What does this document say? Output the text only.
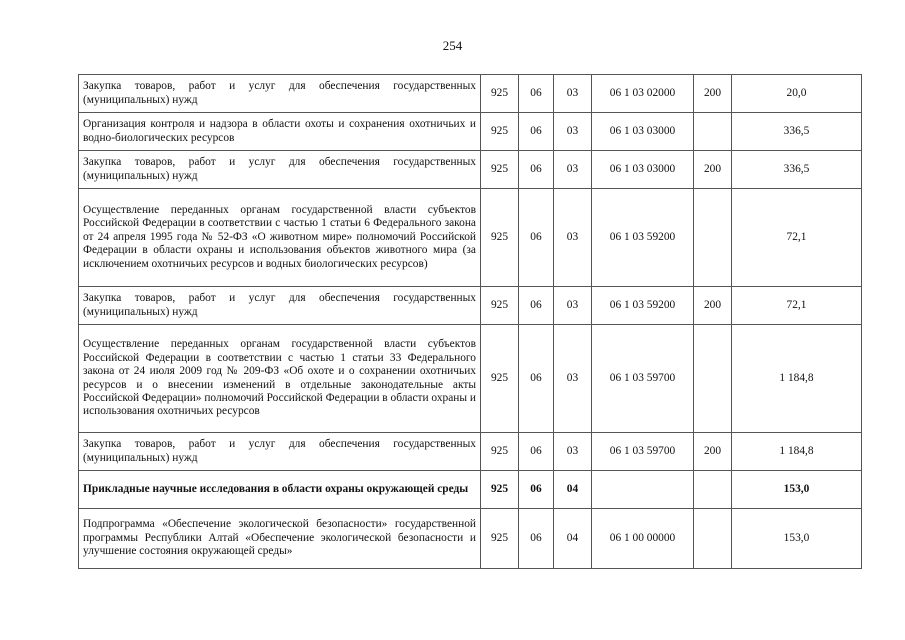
254
Закупка товаров, работ и услуг для обеспечения государственных (муниципальных) нужд	925	06	03	06 1 03 02000	200	20,0
Организация контроля и надзора в области охоты и сохранения охотничьих и водно-биологических ресурсов	925	06	03	06 1 03 03000		336,5
Закупка товаров, работ и услуг для обеспечения государственных (муниципальных) нужд	925	06	03	06 1 03 03000	200	336,5
Осуществление переданных органам государственной власти субъектов Российской Федерации в соответствии с частью 1 статьи 6 Федерального закона от 24 апреля 1995 года № 52-ФЗ «О животном мире» полномочий Российской Федерации в области охраны и использования объектов животного мира (за исключением охотничьих ресурсов и водных биологических ресурсов)	925	06	03	06 1 03 59200		72,1
Закупка товаров, работ и услуг для обеспечения государственных (муниципальных) нужд	925	06	03	06 1 03 59200	200	72,1
Осуществление переданных органам государственной власти субъектов Российской Федерации в соответствии с частью 1 статьи 33 Федерального закона от 24 июля 2009 год № 209-ФЗ «Об охоте и о сохранении охотничьих ресурсов и о внесении изменений в отдельные законодательные акты Российской Федерации» полномочий Российской Федерации в области охраны и использования охотничьих ресурсов	925	06	03	06 1 03 59700		1 184,8
Закупка товаров, работ и услуг для обеспечения государственных (муниципальных) нужд	925	06	03	06 1 03 59700	200	1 184,8
Прикладные научные исследования в области охраны окружающей среды	925	06	04			153,0
Подпрограмма «Обеспечение экологической безопасности» государственной программы Республики Алтай «Обеспечение экологической безопасности и улучшение состояния окружающей среды»	925	06	04	06 1 00 00000		153,0
